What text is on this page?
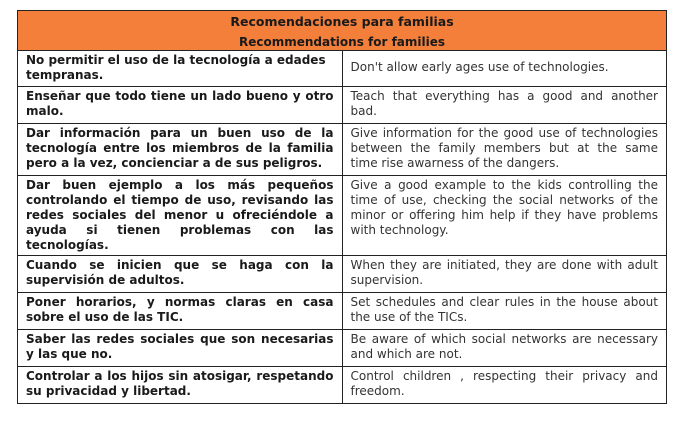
Recomendaciones para familias
Recommendations for families	

No permitir el uso de la tecnología a edades tempranas.	Don't allow early ages use of technologies.
Enseñar que todo tiene un lado bueno y otro malo.	Teach that everything has a good and another bad.
Dar información para un buen uso de la tecnología entre los miembros de la familia pero a la vez, concienciar a de sus peligros.	Give information for the good use of technologies between the family members but at the same time rise awarness of the dangers.
Dar buen ejemplo a los más pequeños controlando el tiempo de uso, revisando las redes sociales del menor u ofreciéndole a ayuda si tienen problemas con las tecnologías.	Give a good example to the kids controlling the time of use, checking the social networks of the minor or offering him help if they have problems with technology.
Cuando se inicien que se haga con la supervisión de adultos.	When they are initiated, they are done with adult supervision.
Poner horarios, y normas claras en casa sobre el uso de las TIC.	Set schedules and clear rules in the house about the use of the TICs.
Saber las redes sociales que son necesarias y las que no.	Be aware of which social networks are necessary and which are not.
Controlar a los hijos sin atosigar, respetando su privacidad y libertad.	Control children , respecting their privacy and freedom.
